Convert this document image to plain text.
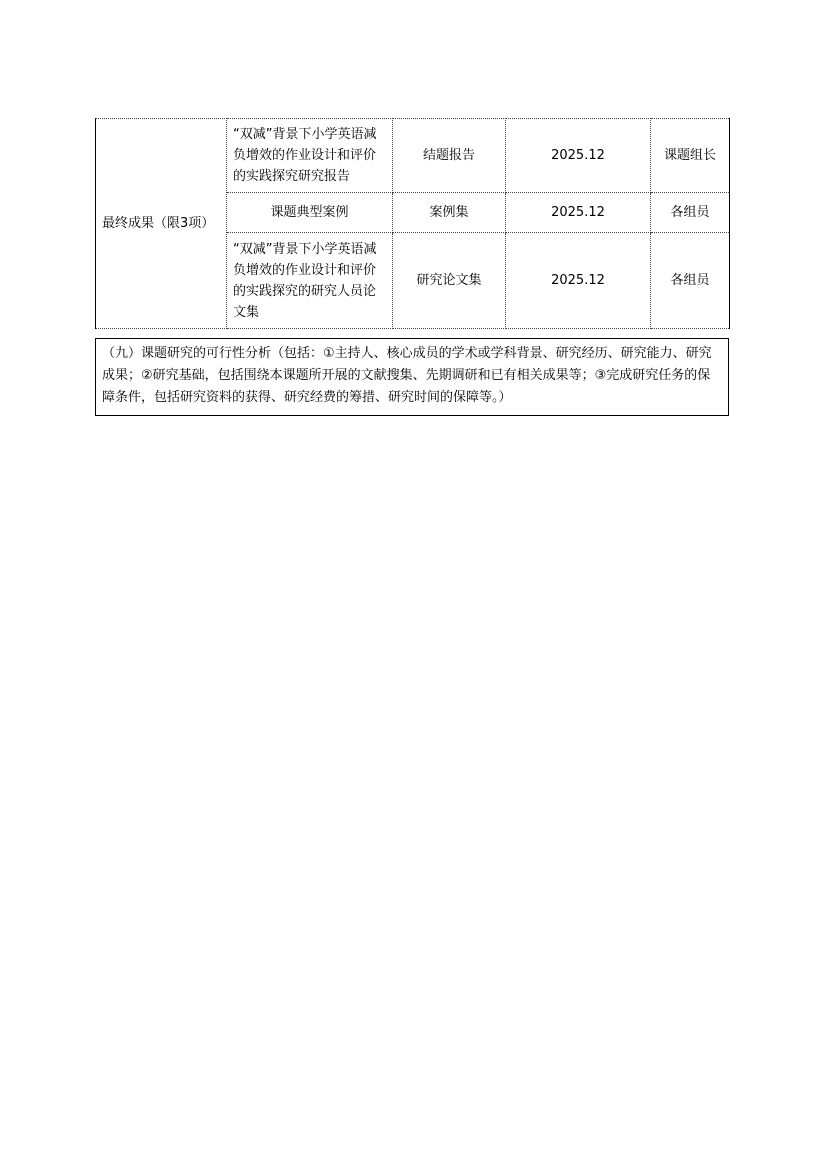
最终成果（限3项）	“双减”背景下小学英语减负增效的作业设计和评价的实践探究研究报告	结题报告	2025.12	课题组长
	课题典型案例	案例集	2025.12	各组员
	“双减”背景下小学英语减负增效的作业设计和评价的实践探究的研究人员论文集	研究论文集	2025.12	各组员
（九）课题研究的可行性分析（包括：①主持人、核心成员的学术或学科背景、研究经历、研究能力、研究成果；②研究基础，包括围绕本课题所开展的文献搜集、先期调研和已有相关成果等；③完成研究任务的保障条件，包括研究资料的获得、研究经费的筹措、研究时间的保障等。）
